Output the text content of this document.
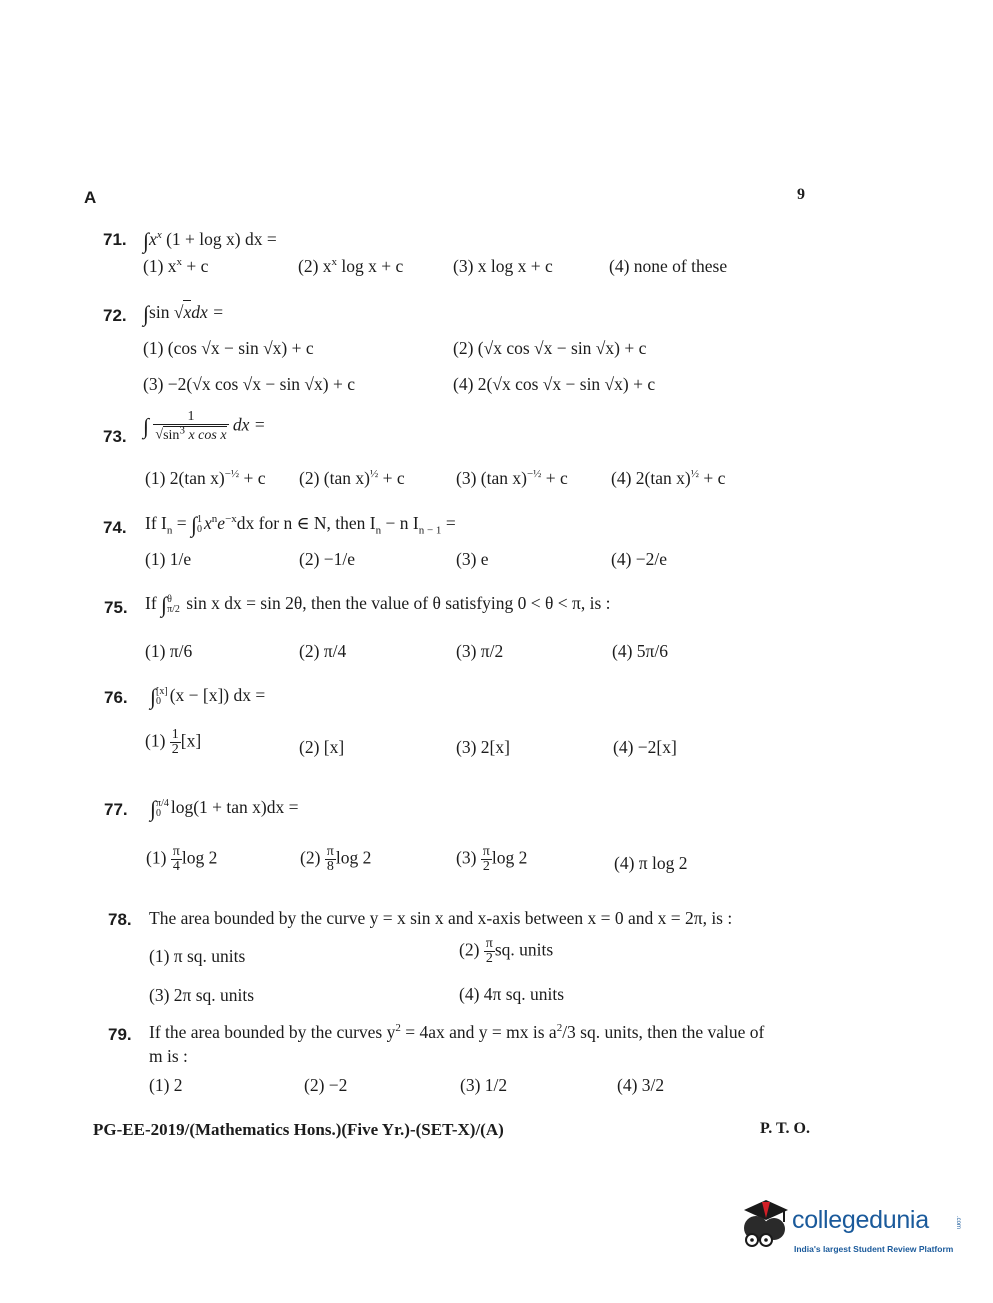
A	9
71. $\int x^x$ (1 + log x) dx =
(1) $x^x + c$	(2) $x^x$ log x + c	(3) x log x + c	(4) none of these
72. ∫sin √xdx =
(1) (cos √x − sin √x) + c	(2) (√x cos √x − sin √x) + c
(3) −2(√x cos √x − sin √x) + c	(4) 2(√x cos √x − sin √x) + c
73. ∫ $\frac{1}{√\sin^3 x \cos x}$ dx =
(1) 2(tan x)$^{-\frac{1}{2}}$ + c (2) (tan x)$^{\frac{1}{2}}$ + c	(3) (tan x)$^{-\frac{1}{2}}$ + c (4) 2(tan x)$^{\frac{1}{2}}$ + c
74. If $I_n$ = ∫ 1
0 $x^ne^{-x}dx$ for n ∈ N, then $I_n - n$ $I_{n - 1}$ =
(1) 1/e	(2) −1/e	(3) e	(4) −2/e
75. If ∫ θ
π/2 sin x dx = sin 2θ, then the value of θ satisfying 0 < θ < π, is :
(1) π/6	(2) π/4	(3) π/2	(4) 5π/6
76. ∫ [x]
0 (x − [x]) dx =
$(1) \frac{1}{2} [x]$	(2) [x]	(3) 2[x]	(4) −2[x]
77. ∫ π/4
0 log(1 + tan x)dx =
$(1) \frac{\pi}{4}$ log 2	$(2) \frac{\pi}{8}$ log 2	$(3) \frac{\pi}{2}$ log 2	(4) π log 2
78. The area bounded by the curve y = x sin x and x-axis between x = 0 and x = 2π, is :
(1) π sq. units	$(2) \frac{\pi}{2}$ sq. units
(3) 2π sq. units	(4) 4π sq. units
79. If the area bounded by the curves $y^2 = 4ax$ and y = mx is $a^2/3$ sq. units, then the value of
m is :
(1) 2	(2) −2	(3) 1/2	(4) 3/2
PG-EE-2019/(Mathematics Hons.)(Five Yr.)-(SET-X)/(A)	P. T. O.
collegedunia	.com
India's largest Student Review Platform
